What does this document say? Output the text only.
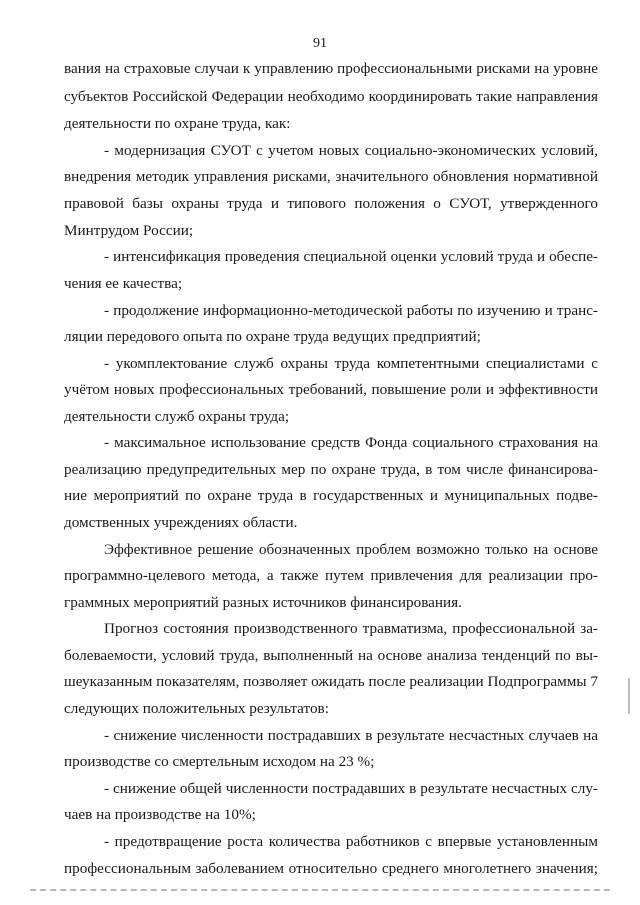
91
вания на страховые случаи к управлению профессиональными рисками на уровне
субъектов Российской Федерации необходимо координировать такие направления
деятельности по охране труда, как:
- модернизация СУОТ с учетом новых социально-экономических условий,
внедрения методик управления рисками, значительного обновления нормативной
правовой базы охраны труда и типового положения о СУОТ, утвержденного
Минтрудом России;
- интенсификация проведения специальной оценки условий труда и обеспе-
чения ее качества;
- продолжение информационно-методической работы по изучению и транс-
ляции передового опыта по охране труда ведущих предприятий;
- укомплектование служб охраны труда компетентными специалистами с
учётом новых профессиональных требований, повышение роли и эффективности
деятельности служб охраны труда;
- максимальное использование средств Фонда социального страхования на
реализацию предупредительных мер по охране труда, в том числе финансирова-
ние мероприятий по охране труда в государственных и муниципальных подве-
домственных учреждениях области.
Эффективное решение обозначенных проблем возможно только на основе
программно-целевого метода, а также путем привлечения для реализации про-
граммных мероприятий разных источников финансирования.
Прогноз состояния производственного травматизма, профессиональной за-
болеваемости, условий труда, выполненный на основе анализа тенденций по вы-
шеуказанным показателям, позволяет ожидать после реализации Подпрограммы 7
следующих положительных результатов:
- снижение численности пострадавших в результате несчастных случаев на
производстве со смертельным исходом на 23 %;
- снижение общей численности пострадавших в результате несчастных слу-
чаев на производстве на 10%;
- предотвращение роста количества работников с впервые установленным
профессиональным заболеванием относительно среднего многолетнего значения;
